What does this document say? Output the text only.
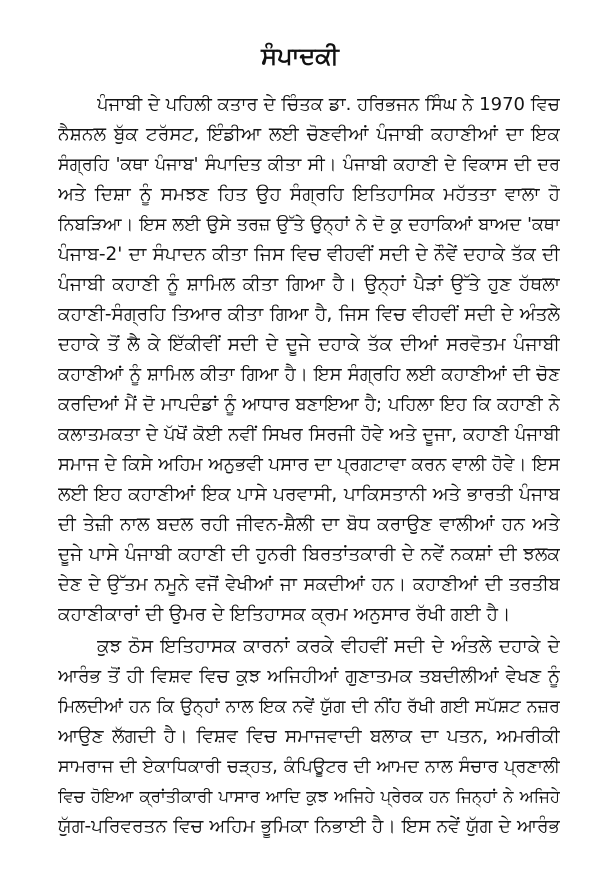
ਸੰਪਾਦਕੀ
ਪੰਜਾਬੀ ਦੇ ਪਹਿਲੀ ਕਤਾਰ ਦੇ ਚਿੰਤਕ ਡਾ. ਹਰਿਭਜਨ ਸਿੰਘ ਨੇ 1970 ਵਿਚ
ਨੈਸ਼ਨਲ ਬੁੱਕ ਟਰੱਸਟ, ਇੰਡੀਆ ਲਈ ਚੋਣਵੀਆਂ ਪੰਜਾਬੀ ਕਹਾਣੀਆਂ ਦਾ ਇਕ
ਸੰਗ੍ਰਹਿ 'ਕਥਾ ਪੰਜਾਬ' ਸੰਪਾਦਿਤ ਕੀਤਾ ਸੀ। ਪੰਜਾਬੀ ਕਹਾਣੀ ਦੇ ਵਿਕਾਸ ਦੀ ਦਰ
ਅਤੇ ਦਿਸ਼ਾ ਨੂੰ ਸਮਝਣ ਹਿਤ ਉਹ ਸੰਗ੍ਰਹਿ ਇਤਿਹਾਸਿਕ ਮਹੱਤਤਾ ਵਾਲਾ ਹੋ
ਨਿਬੜਿਆ। ਇਸ ਲਈ ਉਸੇ ਤਰਜ਼ ਉੱਤੇ ਉਨ੍ਹਾਂ ਨੇ ਦੋ ਕੁ ਦਹਾਕਿਆਂ ਬਾਅਦ 'ਕਥਾ
ਪੰਜਾਬ-2' ਦਾ ਸੰਪਾਦਨ ਕੀਤਾ ਜਿਸ ਵਿਚ ਵੀਹਵੀਂ ਸਦੀ ਦੇ ਨੌਵੇਂ ਦਹਾਕੇ ਤੱਕ ਦੀ
ਪੰਜਾਬੀ ਕਹਾਣੀ ਨੂੰ ਸ਼ਾਮਿਲ ਕੀਤਾ ਗਿਆ ਹੈ। ਉਨ੍ਹਾਂ ਪੈੜਾਂ ਉੱਤੇ ਹੁਣ ਹੱਥਲਾ
ਕਹਾਣੀ-ਸੰਗ੍ਰਹਿ ਤਿਆਰ ਕੀਤਾ ਗਿਆ ਹੈ, ਜਿਸ ਵਿਚ ਵੀਹਵੀਂ ਸਦੀ ਦੇ ਅੰਤਲੇ
ਦਹਾਕੇ ਤੋਂ ਲੈ ਕੇ ਇੱਕੀਵੀਂ ਸਦੀ ਦੇ ਦੂਜੇ ਦਹਾਕੇ ਤੱਕ ਦੀਆਂ ਸਰਵੋਤਮ ਪੰਜਾਬੀ
ਕਹਾਣੀਆਂ ਨੂੰ ਸ਼ਾਮਿਲ ਕੀਤਾ ਗਿਆ ਹੈ। ਇਸ ਸੰਗ੍ਰਹਿ ਲਈ ਕਹਾਣੀਆਂ ਦੀ ਚੋਣ
ਕਰਦਿਆਂ ਮੈਂ ਦੋ ਮਾਪਦੰਡਾਂ ਨੂੰ ਆਧਾਰ ਬਣਾਇਆ ਹੈ; ਪਹਿਲਾ ਇਹ ਕਿ ਕਹਾਣੀ ਨੇ
ਕਲਾਤਮਕਤਾ ਦੇ ਪੱਖੋਂ ਕੋਈ ਨਵੀਂ ਸਿਖਰ ਸਿਰਜੀ ਹੋਵੇ ਅਤੇ ਦੂਜਾ, ਕਹਾਣੀ ਪੰਜਾਬੀ
ਸਮਾਜ ਦੇ ਕਿਸੇ ਅਹਿਮ ਅਨੁਭਵੀ ਪਸਾਰ ਦਾ ਪ੍ਰਗਟਾਵਾ ਕਰਨ ਵਾਲੀ ਹੋਵੇ। ਇਸ
ਲਈ ਇਹ ਕਹਾਣੀਆਂ ਇਕ ਪਾਸੇ ਪਰਵਾਸੀ, ਪਾਕਿਸਤਾਨੀ ਅਤੇ ਭਾਰਤੀ ਪੰਜਾਬ
ਦੀ ਤੇਜ਼ੀ ਨਾਲ ਬਦਲ ਰਹੀ ਜੀਵਨ-ਸ਼ੈਲੀ ਦਾ ਬੋਧ ਕਰਾਉਣ ਵਾਲੀਆਂ ਹਨ ਅਤੇ
ਦੂਜੇ ਪਾਸੇ ਪੰਜਾਬੀ ਕਹਾਣੀ ਦੀ ਹੁਨਰੀ ਬਿਰਤਾਂਤਕਾਰੀ ਦੇ ਨਵੇਂ ਨਕਸ਼ਾਂ ਦੀ ਝਲਕ
ਦੇਣ ਦੇ ਉੱਤਮ ਨਮੂਨੇ ਵਜੋਂ ਵੇਖੀਆਂ ਜਾ ਸਕਦੀਆਂ ਹਨ। ਕਹਾਣੀਆਂ ਦੀ ਤਰਤੀਬ
ਕਹਾਣੀਕਾਰਾਂ ਦੀ ਉਮਰ ਦੇ ਇਤਿਹਾਸਕ ਕ੍ਰਮ ਅਨੁਸਾਰ ਰੱਖੀ ਗਈ ਹੈ।
ਕੁਝ ਠੋਸ ਇਤਿਹਾਸਕ ਕਾਰਨਾਂ ਕਰਕੇ ਵੀਹਵੀਂ ਸਦੀ ਦੇ ਅੰਤਲੇ ਦਹਾਕੇ ਦੇ
ਆਰੰਭ ਤੋਂ ਹੀ ਵਿਸ਼ਵ ਵਿਚ ਕੁਝ ਅਜਿਹੀਆਂ ਗੁਣਾਤਮਕ ਤਬਦੀਲੀਆਂ ਵੇਖਣ ਨੂੰ
ਮਿਲਦੀਆਂ ਹਨ ਕਿ ਉਨ੍ਹਾਂ ਨਾਲ ਇਕ ਨਵੇਂ ਯੁੱਗ ਦੀ ਨੀਂਹ ਰੱਖੀ ਗਈ ਸਪੱਸ਼ਟ ਨਜ਼ਰ
ਆਉਣ ਲੱਗਦੀ ਹੈ। ਵਿਸ਼ਵ ਵਿਚ ਸਮਾਜਵਾਦੀ ਬਲਾਕ ਦਾ ਪਤਨ, ਅਮਰੀਕੀ
ਸਾਮਰਾਜ ਦੀ ਏਕਾਧਿਕਾਰੀ ਚੜ੍ਹਤ, ਕੰਪਿਊਟਰ ਦੀ ਆਮਦ ਨਾਲ ਸੰਚਾਰ ਪ੍ਰਣਾਲੀ
ਵਿਚ ਹੋਇਆ ਕ੍ਰਾਂਤੀਕਾਰੀ ਪਾਸਾਰ ਆਦਿ ਕੁਝ ਅਜਿਹੇ ਪ੍ਰੇਰਕ ਹਨ ਜਿਨ੍ਹਾਂ ਨੇ ਅਜਿਹੇ
ਯੁੱਗ-ਪਰਿਵਰਤਨ ਵਿਚ ਅਹਿਮ ਭੂਮਿਕਾ ਨਿਭਾਈ ਹੈ। ਇਸ ਨਵੇਂ ਯੁੱਗ ਦੇ ਆਰੰਭ
